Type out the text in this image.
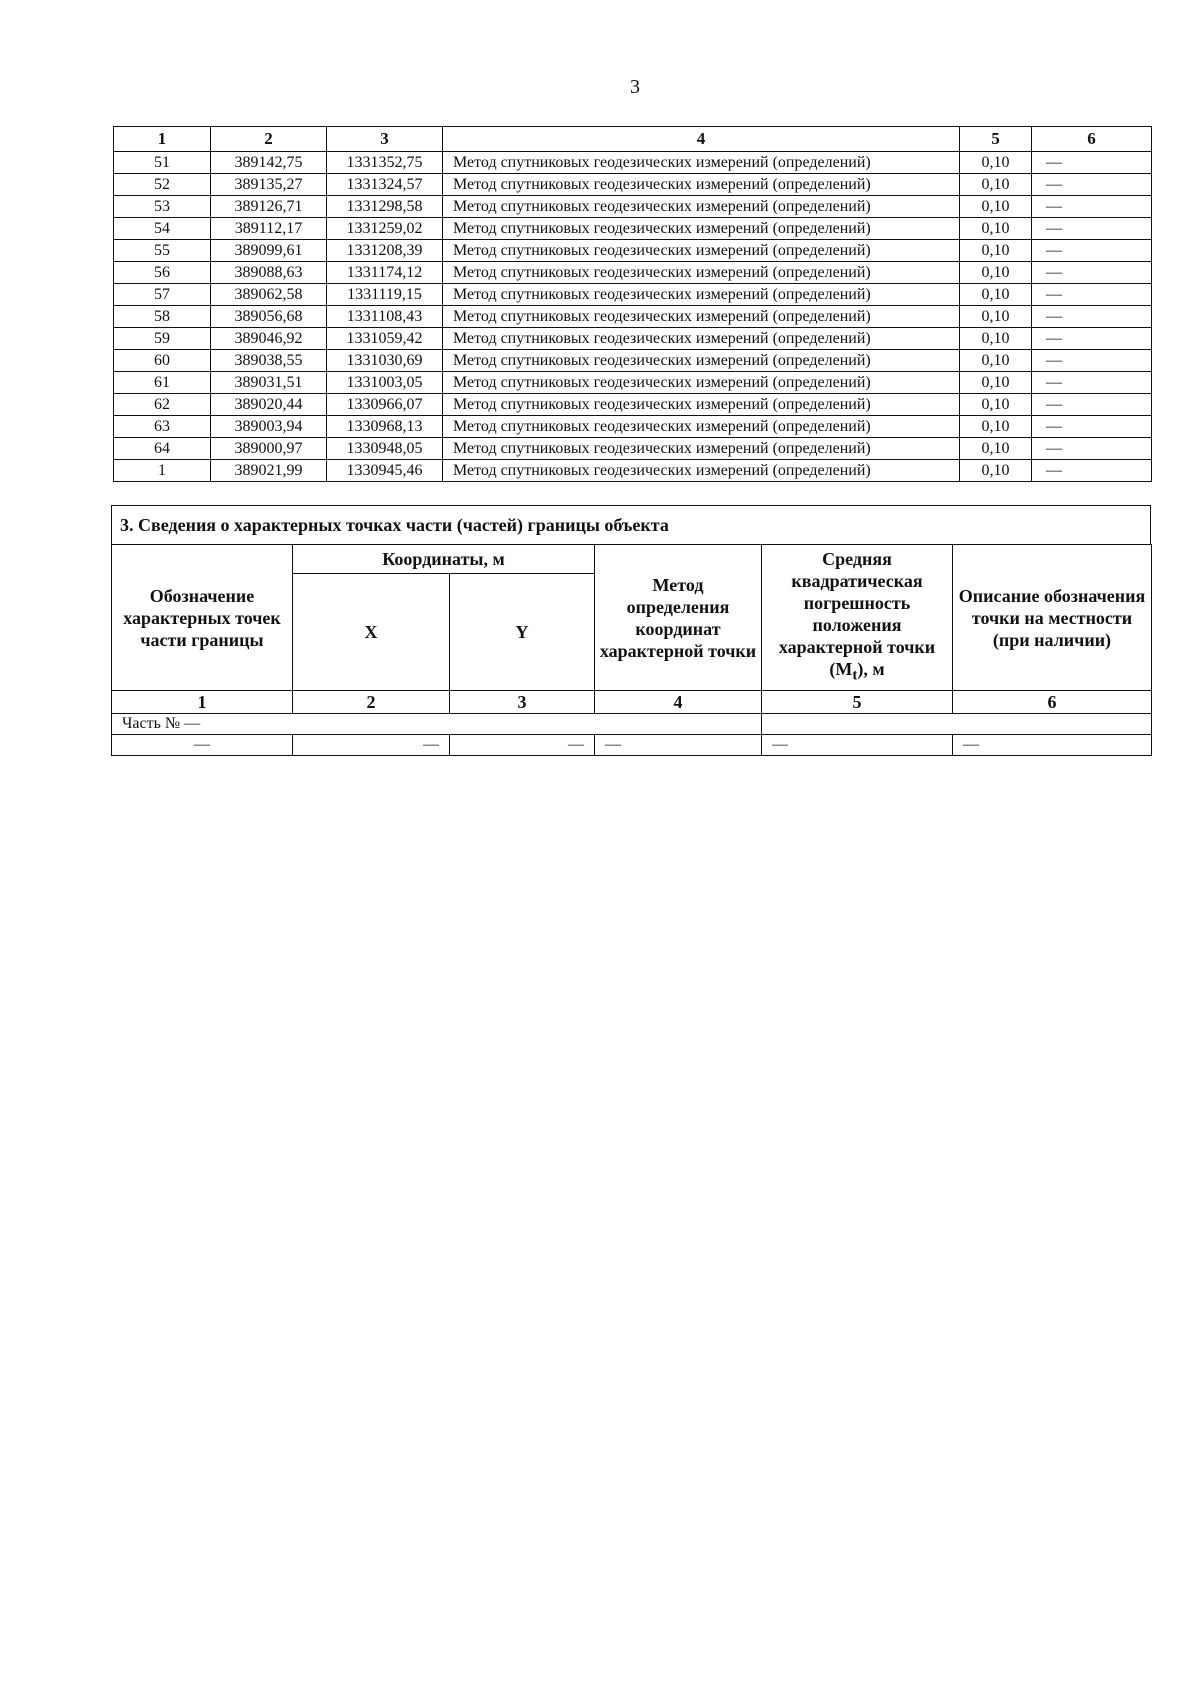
3
1	2	3	4	5	6
51	389142,75	1331352,75	Метод спутниковых геодезических измерений (определений)	0,10	—
52	389135,27	1331324,57	Метод спутниковых геодезических измерений (определений)	0,10	—
53	389126,71	1331298,58	Метод спутниковых геодезических измерений (определений)	0,10	—
54	389112,17	1331259,02	Метод спутниковых геодезических измерений (определений)	0,10	—
55	389099,61	1331208,39	Метод спутниковых геодезических измерений (определений)	0,10	—
56	389088,63	1331174,12	Метод спутниковых геодезических измерений (определений)	0,10	—
57	389062,58	1331119,15	Метод спутниковых геодезических измерений (определений)	0,10	—
58	389056,68	1331108,43	Метод спутниковых геодезических измерений (определений)	0,10	—
59	389046,92	1331059,42	Метод спутниковых геодезических измерений (определений)	0,10	—
60	389038,55	1331030,69	Метод спутниковых геодезических измерений (определений)	0,10	—
61	389031,51	1331003,05	Метод спутниковых геодезических измерений (определений)	0,10	—
62	389020,44	1330966,07	Метод спутниковых геодезических измерений (определений)	0,10	—
63	389003,94	1330968,13	Метод спутниковых геодезических измерений (определений)	0,10	—
64	389000,97	1330948,05	Метод спутниковых геодезических измерений (определений)	0,10	—
1	389021,99	1330945,46	Метод спутниковых геодезических измерений (определений)	0,10	—
3. Сведения о характерных точках части (частей) границы объекта
Обозначение характерных точек части границы	Координаты, м		Метод определения координат характерной точки	Средняя квадратическая погрешность положения характерной точки $(M_t)$, м	Описание обозначения точки на местности (при наличии)
	X	Y			
1	2	3	4	5	6
Часть № —					
—	—	—	—	—	—
